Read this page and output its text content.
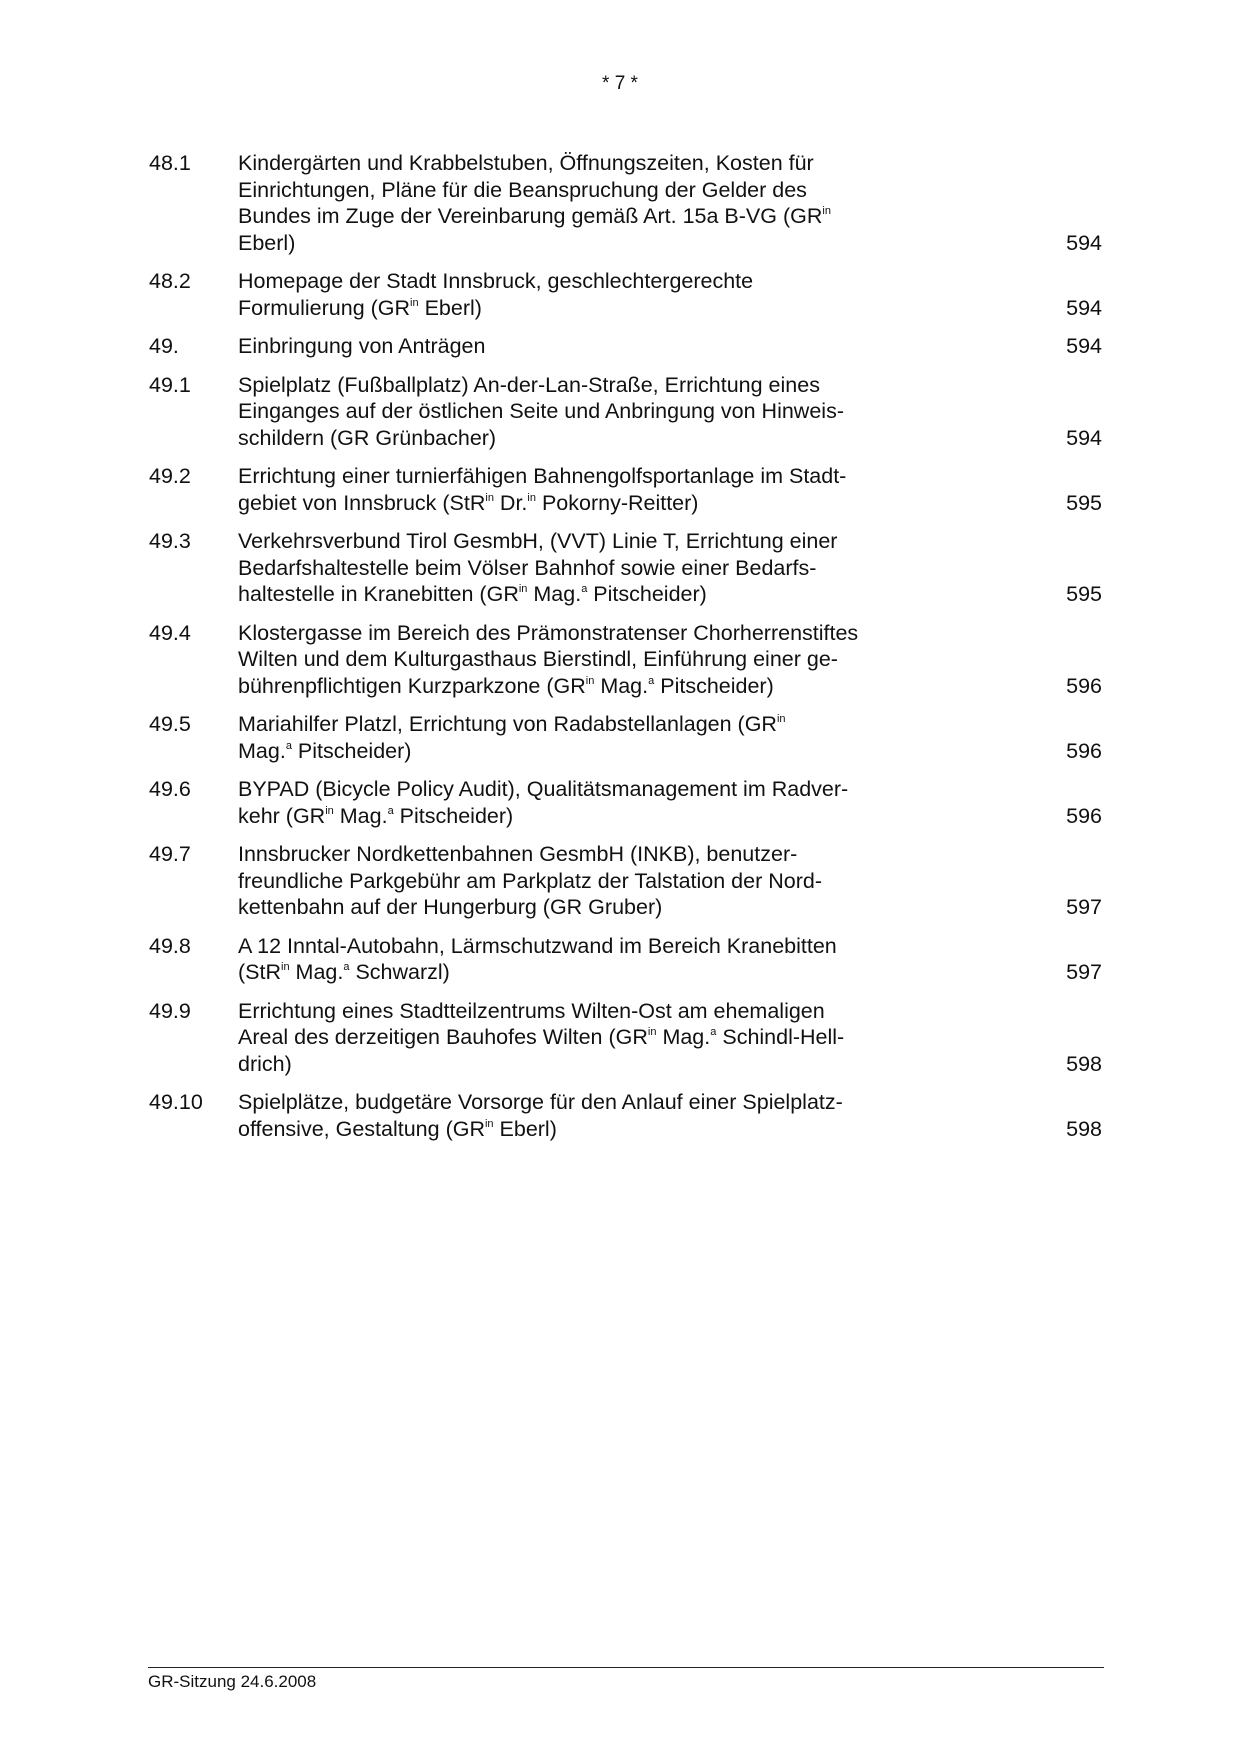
* 7 *
48.1	Kindergärten und Krabbelstuben, Öffnungszeiten, Kosten für
Einrichtungen, Pläne für die Beanspruchung der Gelder des
Bundes im Zuge der Vereinbarung gemäß Art. 15a B-VG ($GR^{in}$
Eberl)	594
48.2	Homepage der Stadt Innsbruck, geschlechtergerechte
Formulierung ($GR^{in}$ Eberl)	594
49.	Einbringung von Anträgen	594
49.1	Spielplatz (Fußballplatz) An-der-Lan-Straße, Errichtung eines
Einganges auf der östlichen Seite und Anbringung von Hinweis-
schildern (GR Grünbacher)	594
49.2	Errichtung einer turnierfähigen Bahnengolfsportanlage im Stadt-
gebiet von Innsbruck (StR$^{in}$ Dr.$^{in}$ Pokorny-Reitter)	595
49.3	Verkehrsverbund Tirol GesmbH, (VVT) Linie T, Errichtung einer
Bedarfshaltestelle beim Völser Bahnhof sowie einer Bedarfs-
haltestelle in Kranebitten ($GR^{in}$ Mag.$^a$ Pitscheider)	595
49.4	Klostergasse im Bereich des Prämonstratenser Chorherrenstiftes
Wilten und dem Kulturgasthaus Bierstindl, Einführung einer ge-
bührenpflichtigen Kurzparkzone ($GR^{in}$ Mag.$^a$ Pitscheider)	596
49.5	Mariahilfer Platzl, Errichtung von Radabstellanlagen ($GR^{in}$
Mag.$^a$ Pitscheider)	596
49.6	BYPAD (Bicycle Policy Audit), Qualitätsmanagement im Radver-
kehr ($GR^{in}$ Mag.$^a$ Pitscheider)	596
49.7	Innsbrucker Nordkettenbahnen GesmbH (INKB), benutzer-
freundliche Parkgebühr am Parkplatz der Talstation der Nord-
kettenbahn auf der Hungerburg (GR Gruber)	597
49.8	A 12 Inntal-Autobahn, Lärmschutzwand im Bereich Kranebitten
(StR$^{in}$ Mag.$^a$ Schwarzl)	597
49.9	Errichtung eines Stadtteilzentrums Wilten-Ost am ehemaligen
Areal des derzeitigen Bauhofes Wilten ($GR^{in}$ Mag.$^a$ Schindl-Hell-
drich)	598
49.10	Spielplätze, budgetäre Vorsorge für den Anlauf einer Spielplatz-
offensive, Gestaltung ($GR^{in}$ Eberl)	598
GR-Sitzung 24.6.2008
